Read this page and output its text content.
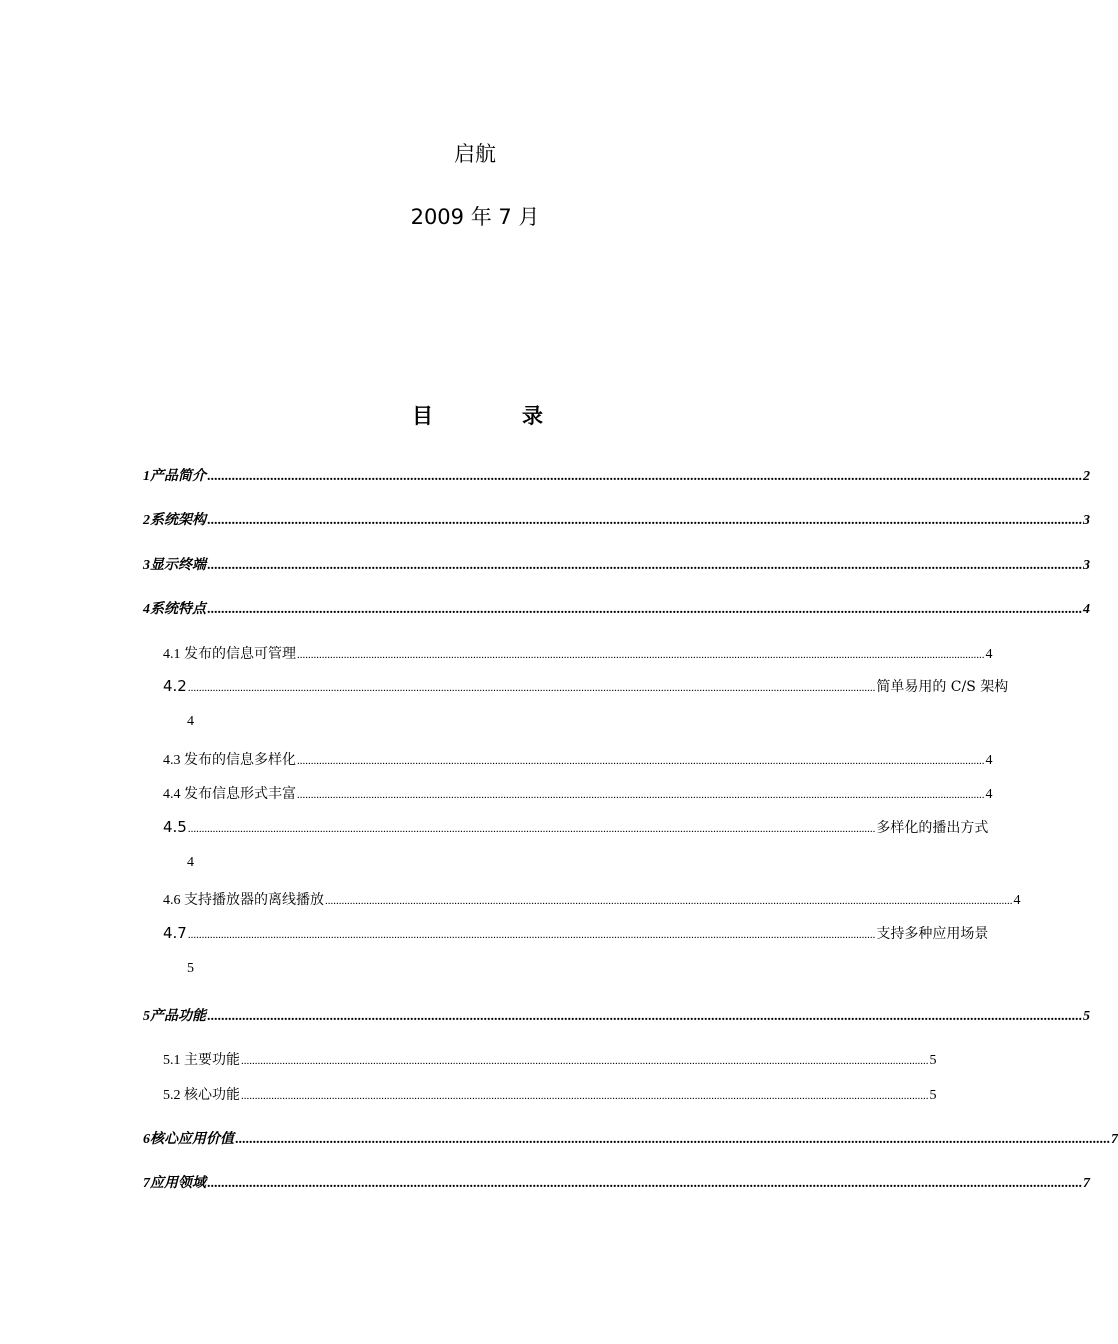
启航
2009 年 7 月
目	录
1 产品简介 .......................................................................................................................................................................................................................................................... 2
2 系统架构 .......................................................................................................................................................................................................................................................... 3
3 显示终端 .......................................................................................................................................................................................................................................................... 3
4 系统特点 .......................................................................................................................................................................................................................................................... 4
4.1
发布的信息可管理 .......................................................................................................................................................................................................................................................... 4
4.2 .......................................................................................................................................................................................................................................................... 简单易用的 C/S 架构
4
4.3
发布的信息多样化 .......................................................................................................................................................................................................................................................... 4
4.4
发布信息形式丰富 .......................................................................................................................................................................................................................................................... 4
4.5 .......................................................................................................................................................................................................................................................... 多样化的播出方式
4
4.6
支持播放器的离线播放 .......................................................................................................................................................................................................................................................... 4
4.7 .......................................................................................................................................................................................................................................................... 支持多种应用场景
5
5 产品功能 .......................................................................................................................................................................................................................................................... 5
5.1
主要功能 .......................................................................................................................................................................................................................................................... 5
5.2
核心功能 .......................................................................................................................................................................................................................................................... 5
6 核心应用价值 .......................................................................................................................................................................................................................................................... 7
7 应用领域 .......................................................................................................................................................................................................................................................... 7
